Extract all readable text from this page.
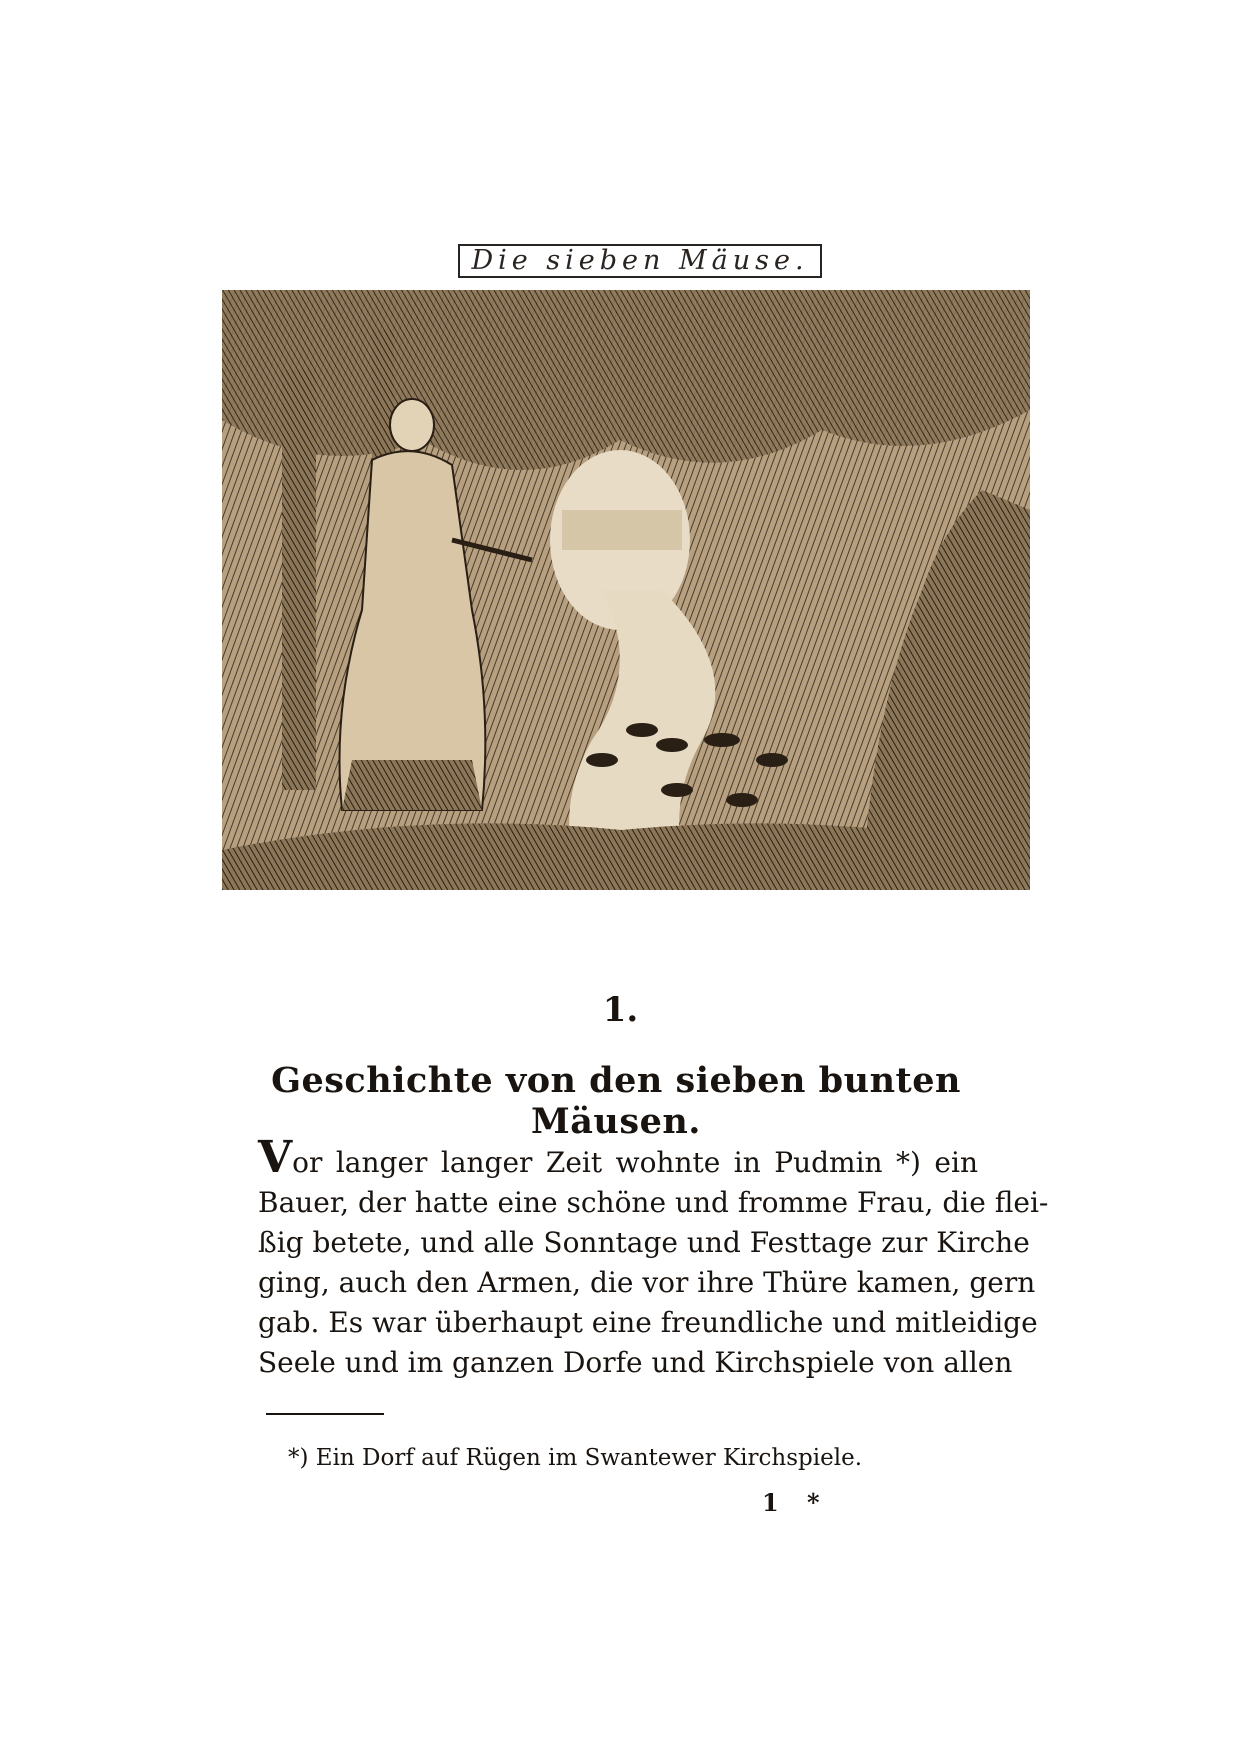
Die sieben Mäuse.
1.
Geschichte von den sieben bunten Mäusen.
Vor langer langer Zeit wohnte in Pudmin *) ein
Bauer, der hatte eine schöne und fromme Frau, die flei-
ßig betete, und alle Sonntage und Festtage zur Kirche
ging, auch den Armen, die vor ihre Thüre kamen, gern
gab. Es war überhaupt eine freundliche und mitleidige
Seele und im ganzen Dorfe und Kirchspiele von allen
*) Ein Dorf auf Rügen im Swantewer Kirchspiele.
1 *
